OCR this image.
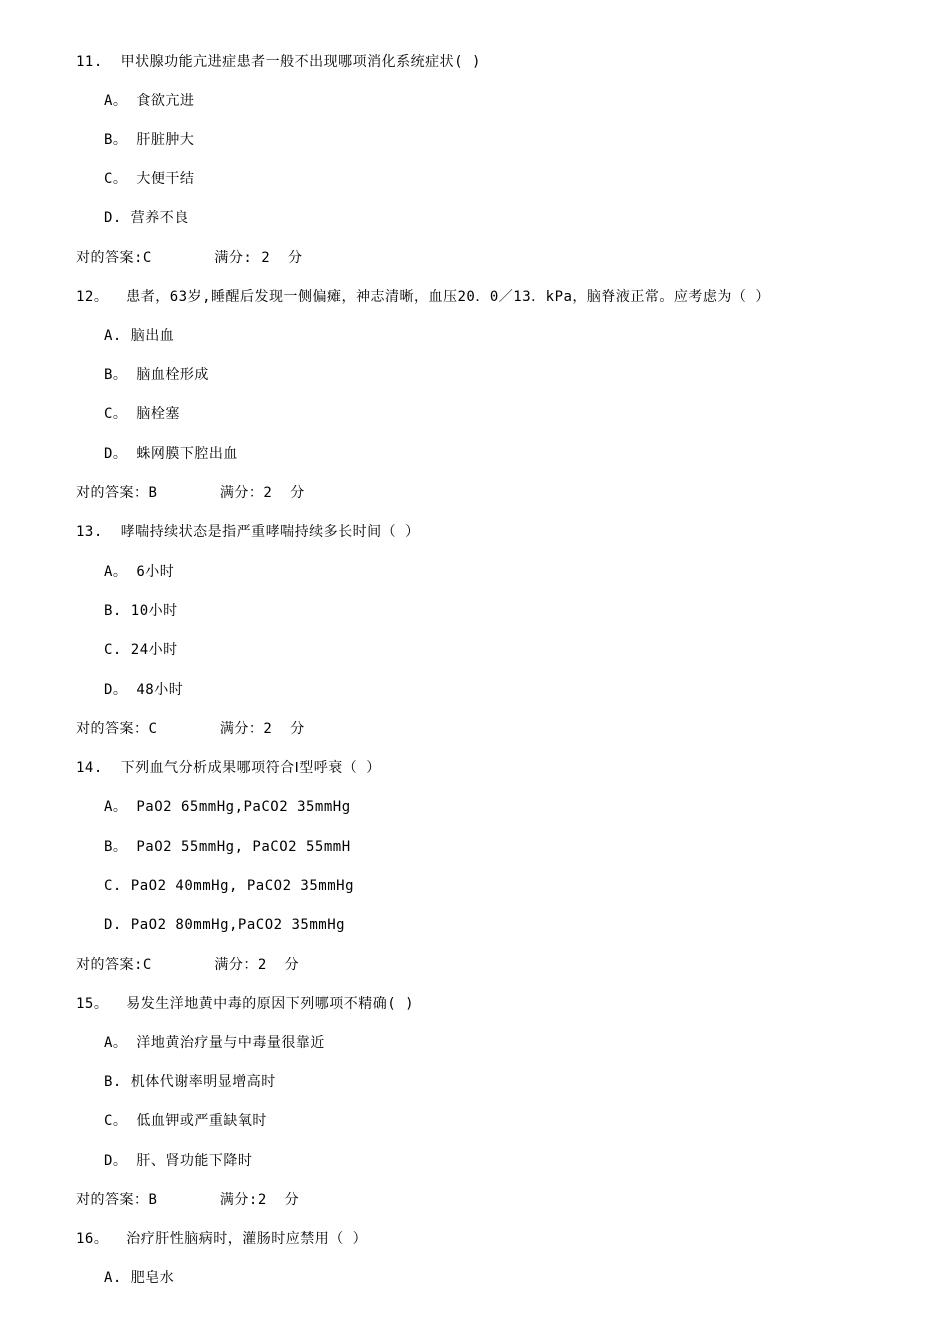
11.  甲状腺功能亢进症患者一般不出现哪项消化系统症状( )
A。 食欲亢进
B。 肝脏肿大
C。 大便干结
D. 营养不良
对的答案:C       满分: 2  分
12。  患者，63岁,睡醒后发现一侧偏瘫，神志清晰，血压20．0／13．kPa，脑脊液正常。应考虑为（ ）
A. 脑出血
B。 脑血栓形成
C。 脑栓塞
D。 蛛网膜下腔出血
对的答案：B       满分：2  分
13.  哮喘持续状态是指严重哮喘持续多长时间（ ）
A。 6小时
B. 10小时
C. 24小时
D。 48小时
对的答案：C       满分：2  分
14.  下列血气分析成果哪项符合Ⅰ型呼衰（ ）
A。 PaO2 65mmHg,PaCO2 35mmHg
B。 PaO2 55mmHg, PaCO2 55mmH
C. PaO2 40mmHg, PaCO2 35mmHg
D. PaO2 80mmHg,PaCO2 35mmHg
对的答案:C       满分：2  分
15。  易发生洋地黄中毒的原因下列哪项不精确( )
A。 洋地黄治疗量与中毒量很靠近
B. 机体代谢率明显增高时
C。 低血钾或严重缺氧时
D。 肝、肾功能下降时
对的答案：B       满分:2  分
16。  治疗肝性脑病时，灌肠时应禁用（ ）
A. 肥皂水
